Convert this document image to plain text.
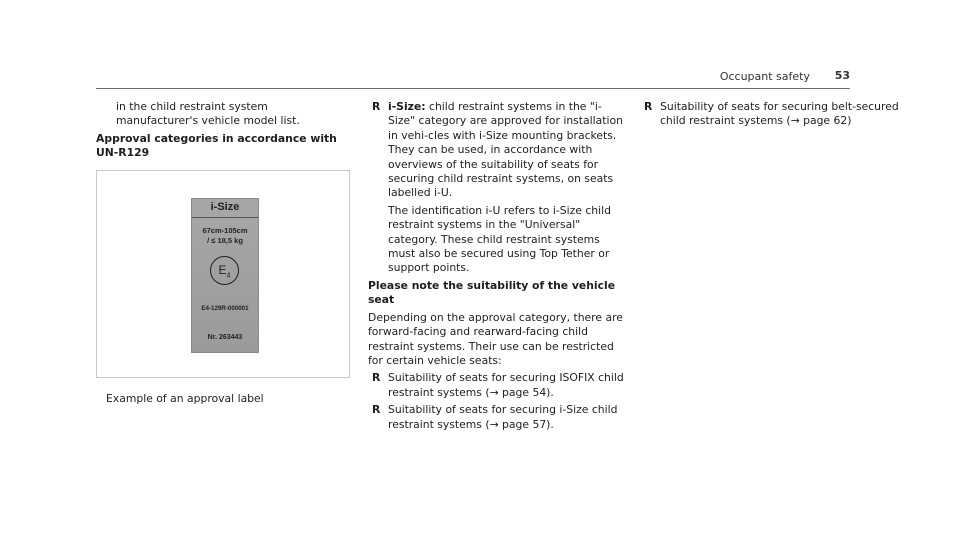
Occupant safety 53

in the child restraint system manufacturer's vehicle model list.

Approval categories in accordance with UN-R129

i-Size
67cm-105cm
/ ≤ 18,5 kg
$E_4$
E4-129R-000001
Nr. 263443

Example of an approval label

R i-Size: child restraint systems in the "i-Size" category are approved for installation in vehi-cles with i-Size mounting brackets. They can be used, in accordance with overviews of the suitability of seats for securing child restraint systems, on seats labelled i-U.

The identification i-U refers to i-Size child restraint systems in the "Universal" category. These child restraint systems must also be secured using Top Tether or support points.

Please note the suitability of the vehicle seat

Depending on the approval category, there are forward-facing and rearward-facing child restraint systems. Their use can be restricted for certain vehicle seats:

R Suitability of seats for securing ISOFIX child restraint systems (→ page 54).
R Suitability of seats for securing i-Size child restraint systems (→ page 57).
R Suitability of seats for securing belt-secured child restraint systems (→ page 62)
